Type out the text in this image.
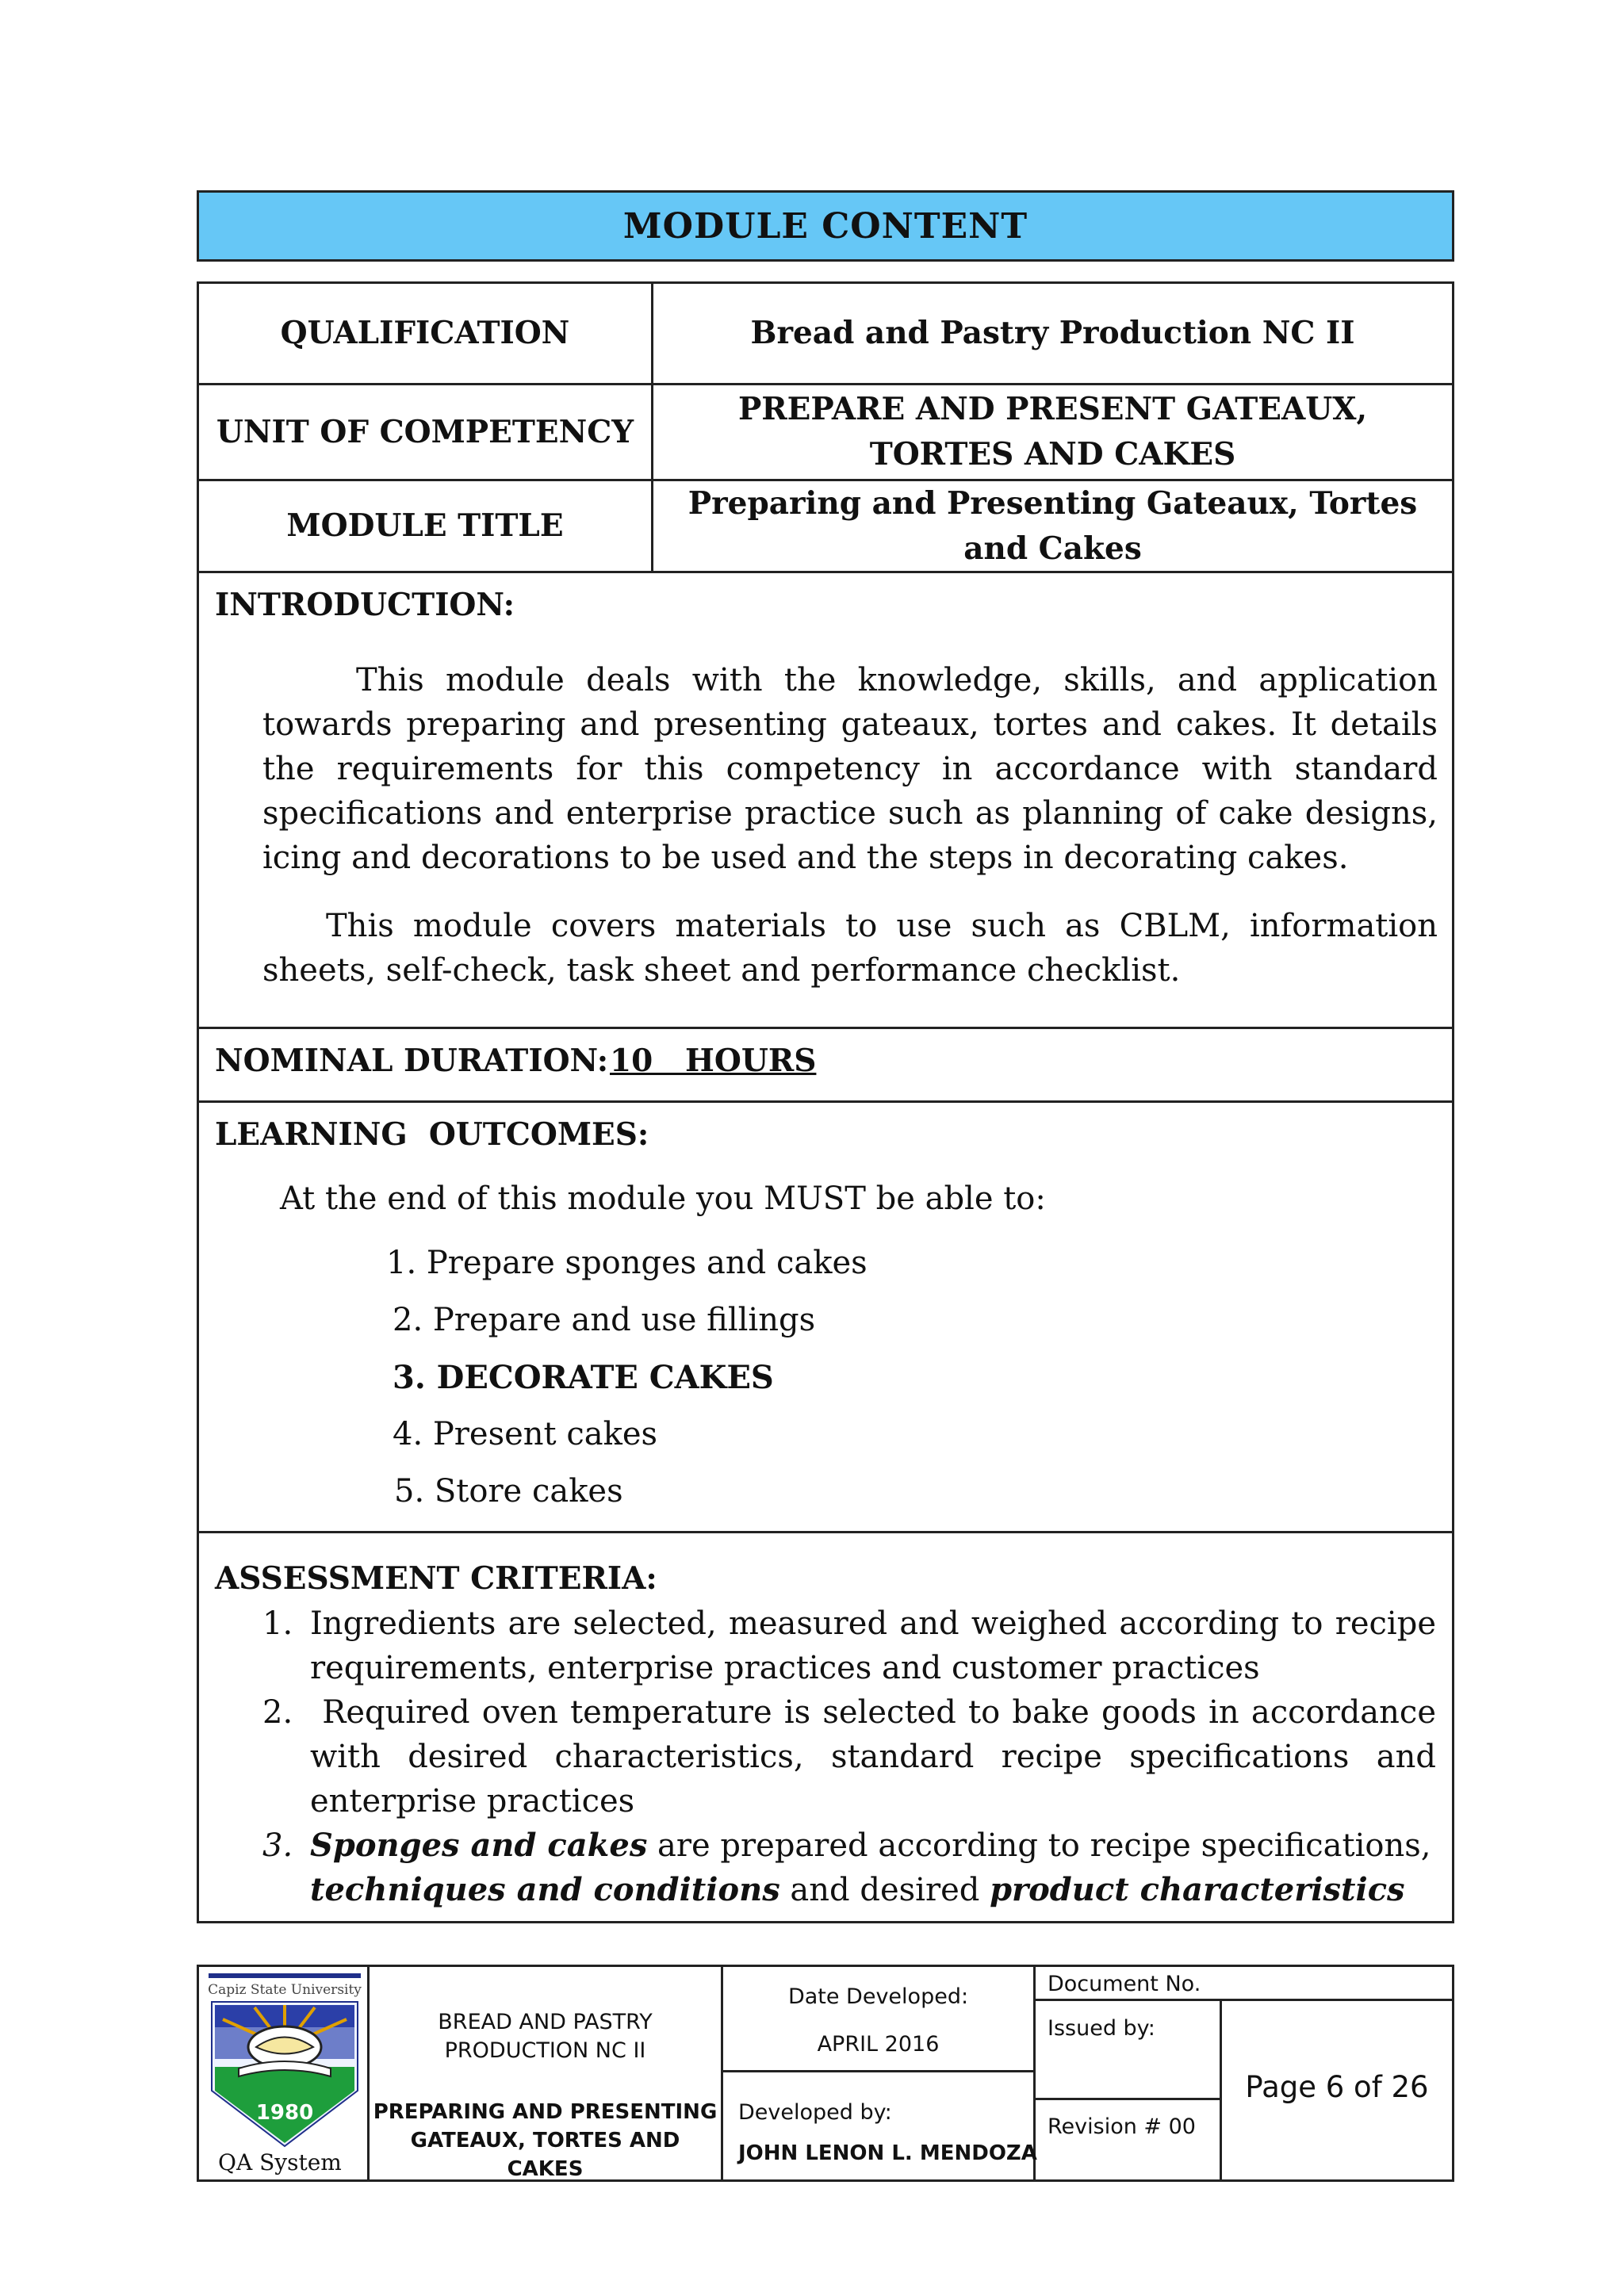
MODULE CONTENT
QUALIFICATION	Bread and Pastry Production NC II
UNIT OF COMPETENCY
PREPARE AND PRESENT GATEAUX,
TORTES AND CAKES
MODULE TITLE
Preparing and Presenting Gateaux, Tortes
and Cakes
INTRODUCTION:
This module deals with the knowledge, skills, and application towards preparing and presenting gateaux, tortes and cakes. It details the requirements for this competency in accordance with standard specifications and enterprise practice such as planning of cake designs, icing and decorations to be used and the steps in decorating cakes.
This module covers materials to use such as CBLM, information sheets, self-check, task sheet and performance checklist.
NOMINAL DURATION: 10   HOURS
LEARNING  OUTCOMES:
At the end of this module you MUST be able to:
1. Prepare sponges and cakes
2. Prepare and use fillings
3. DECORATE CAKES
4. Present cakes
5. Store cakes
ASSESSMENT CRITERIA:
1. Ingredients are selected, measured and weighed according to recipe requirements, enterprise practices and customer practices
2. Required oven temperature is selected to bake goods in accordance with desired characteristics, standard recipe specifications and enterprise practices
3. Sponges and cakes are prepared according to recipe specifications,
techniques and conditions and desired product characteristics
Capiz State University
1980
QA System
BREAD AND PASTRY
PRODUCTION NC II
PREPARING AND PRESENTING
GATEAUX, TORTES AND CAKES
Date Developed:
APRIL 2016
Developed by:
JOHN LENON L. MENDOZA
Document No.
Issued by:
Revision # 00
Page 6 of 26
